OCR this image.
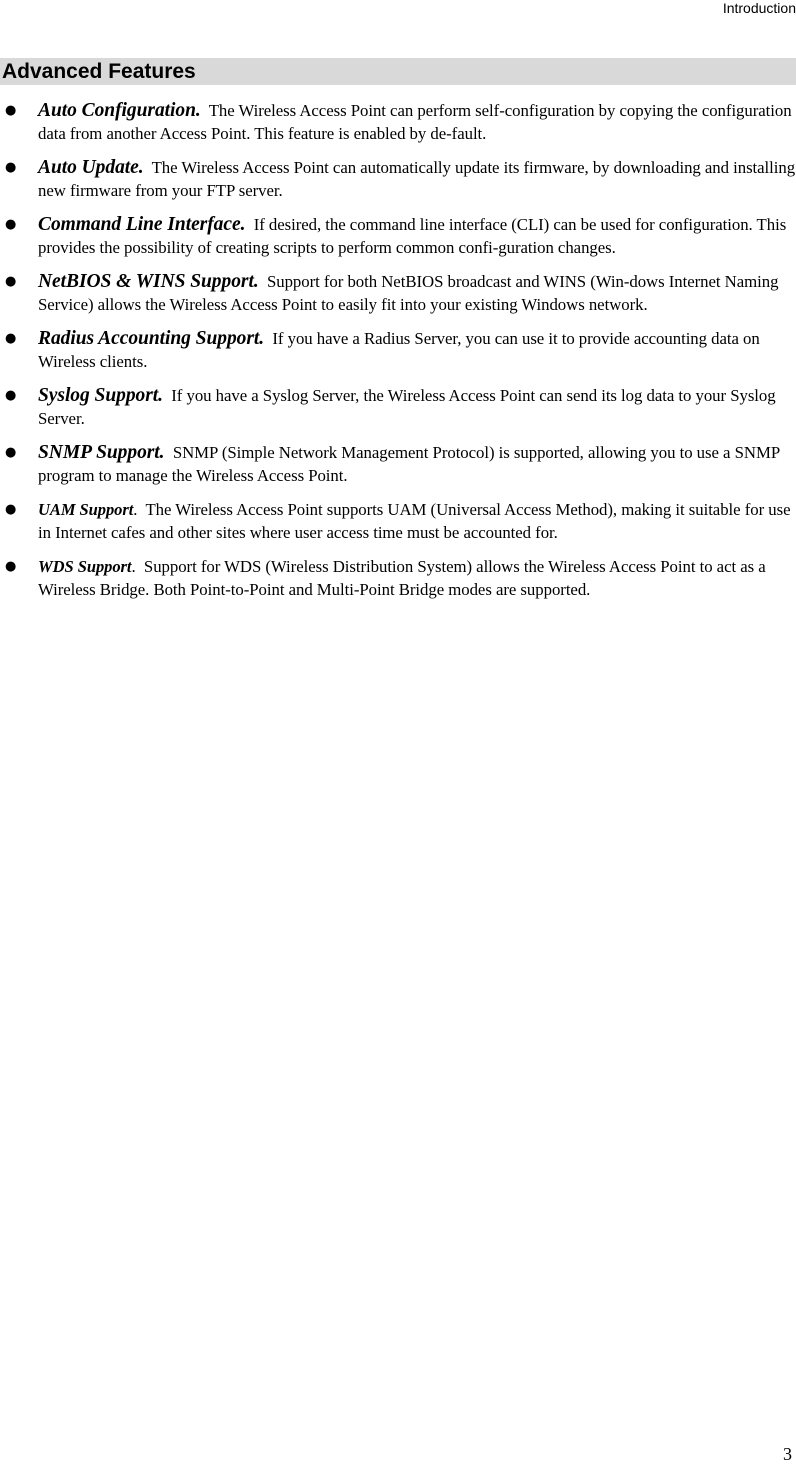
Introduction
Advanced Features
● Auto Configuration. The Wireless Access Point can perform self-configuration by copying the configuration data from another Access Point. This feature is enabled by de-fault.
● Auto Update. The Wireless Access Point can automatically update its firmware, by downloading and installing new firmware from your FTP server.
● Command Line Interface. If desired, the command line interface (CLI) can be used for configuration. This provides the possibility of creating scripts to perform common confi-guration changes.
● NetBIOS & WINS Support. Support for both NetBIOS broadcast and WINS (Win-dows Internet Naming Service) allows the Wireless Access Point to easily fit into your existing Windows network.
● Radius Accounting Support. If you have a Radius Server, you can use it to provide accounting data on Wireless clients.
● Syslog Support. If you have a Syslog Server, the Wireless Access Point can send its log data to your Syslog Server.
● SNMP Support. SNMP (Simple Network Management Protocol) is supported, allowing you to use a SNMP program to manage the Wireless Access Point.
● UAM Support. The Wireless Access Point supports UAM (Universal Access Method), making it suitable for use in Internet cafes and other sites where user access time must be accounted for.
● WDS Support. Support for WDS (Wireless Distribution System) allows the Wireless Access Point to act as a Wireless Bridge. Both Point-to-Point and Multi-Point Bridge modes are supported.
3
